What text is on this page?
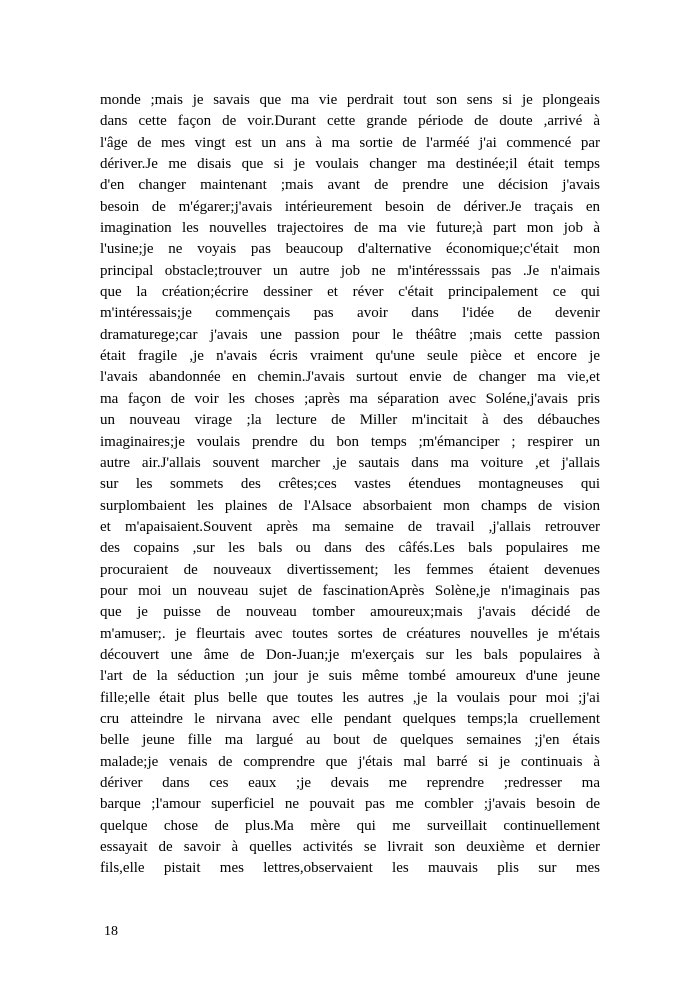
monde ;mais je savais que ma vie perdrait tout son sens si je plongeais
dans cette façon de voir.Durant cette grande période de doute ,arrivé à
l'âge de mes vingt est un ans à ma sortie de l'arméé j'ai commencé par
dériver.Je me disais que si je voulais changer ma destinée;il était temps
d'en changer maintenant ;mais avant de prendre une décision j'avais
besoin de m'égarer;j'avais intérieurement besoin de dériver.Je traçais en
imagination les nouvelles trajectoires de ma vie future;à part mon job à
l'usine;je ne voyais pas beaucoup d'alternative économique;c'était mon
principal obstacle;trouver un autre job ne m'intéresssais pas .Je n'aimais
que la création;écrire dessiner et réver c'était principalement ce qui
m'intéressais;je commençais pas avoir dans l'idée de devenir
dramaturege;car j'avais une passion pour le théâtre ;mais cette passion
était fragile ,je n'avais écris vraiment qu'une seule pièce et encore je
l'avais abandonnée en chemin.J'avais surtout envie de changer ma vie,et
ma façon de voir les choses ;après ma séparation avec Soléne,j'avais pris
un nouveau virage ;la lecture de Miller m'incitait à des débauches
imaginaires;je voulais prendre du bon temps ;m'émanciper ; respirer un
autre air.J'allais souvent marcher ,je sautais dans ma voiture ,et j'allais
sur les sommets des crêtes;ces vastes étendues montagneuses qui
surplombaient les plaines de l'Alsace absorbaient mon champs de vision
et m'apaisaient.Souvent après ma semaine de travail ,j'allais retrouver
des copains ,sur les bals ou dans des câfés.Les bals populaires me
procuraient de nouveaux divertissement; les femmes étaient devenues
pour moi un nouveau sujet de fascinationAprès Solène,je n'imaginais pas
que je puisse de nouveau tomber amoureux;mais j'avais décidé de
m'amuser;. je fleurtais avec toutes sortes de créatures nouvelles je m'étais
découvert une âme de Don-Juan;je m'exerçais sur les bals populaires à
l'art de la séduction ;un jour je suis même tombé amoureux d'une jeune
fille;elle était plus belle que toutes les autres ,je la voulais pour moi ;j'ai
cru atteindre le nirvana avec elle pendant quelques temps;la cruellement
belle jeune fille ma largué au bout de quelques semaines ;j'en étais
malade;je venais de comprendre que j'étais mal barré si je continuais à
dériver dans ces eaux ;je devais me reprendre ;redresser ma
barque ;l'amour superficiel ne pouvait pas me combler ;j'avais besoin de
quelque chose de plus.Ma mère qui me surveillait continuellement
essayait de savoir à quelles activités se livrait son deuxième et dernier
fils,elle pistait mes lettres,observaient les mauvais plis sur mes
18
